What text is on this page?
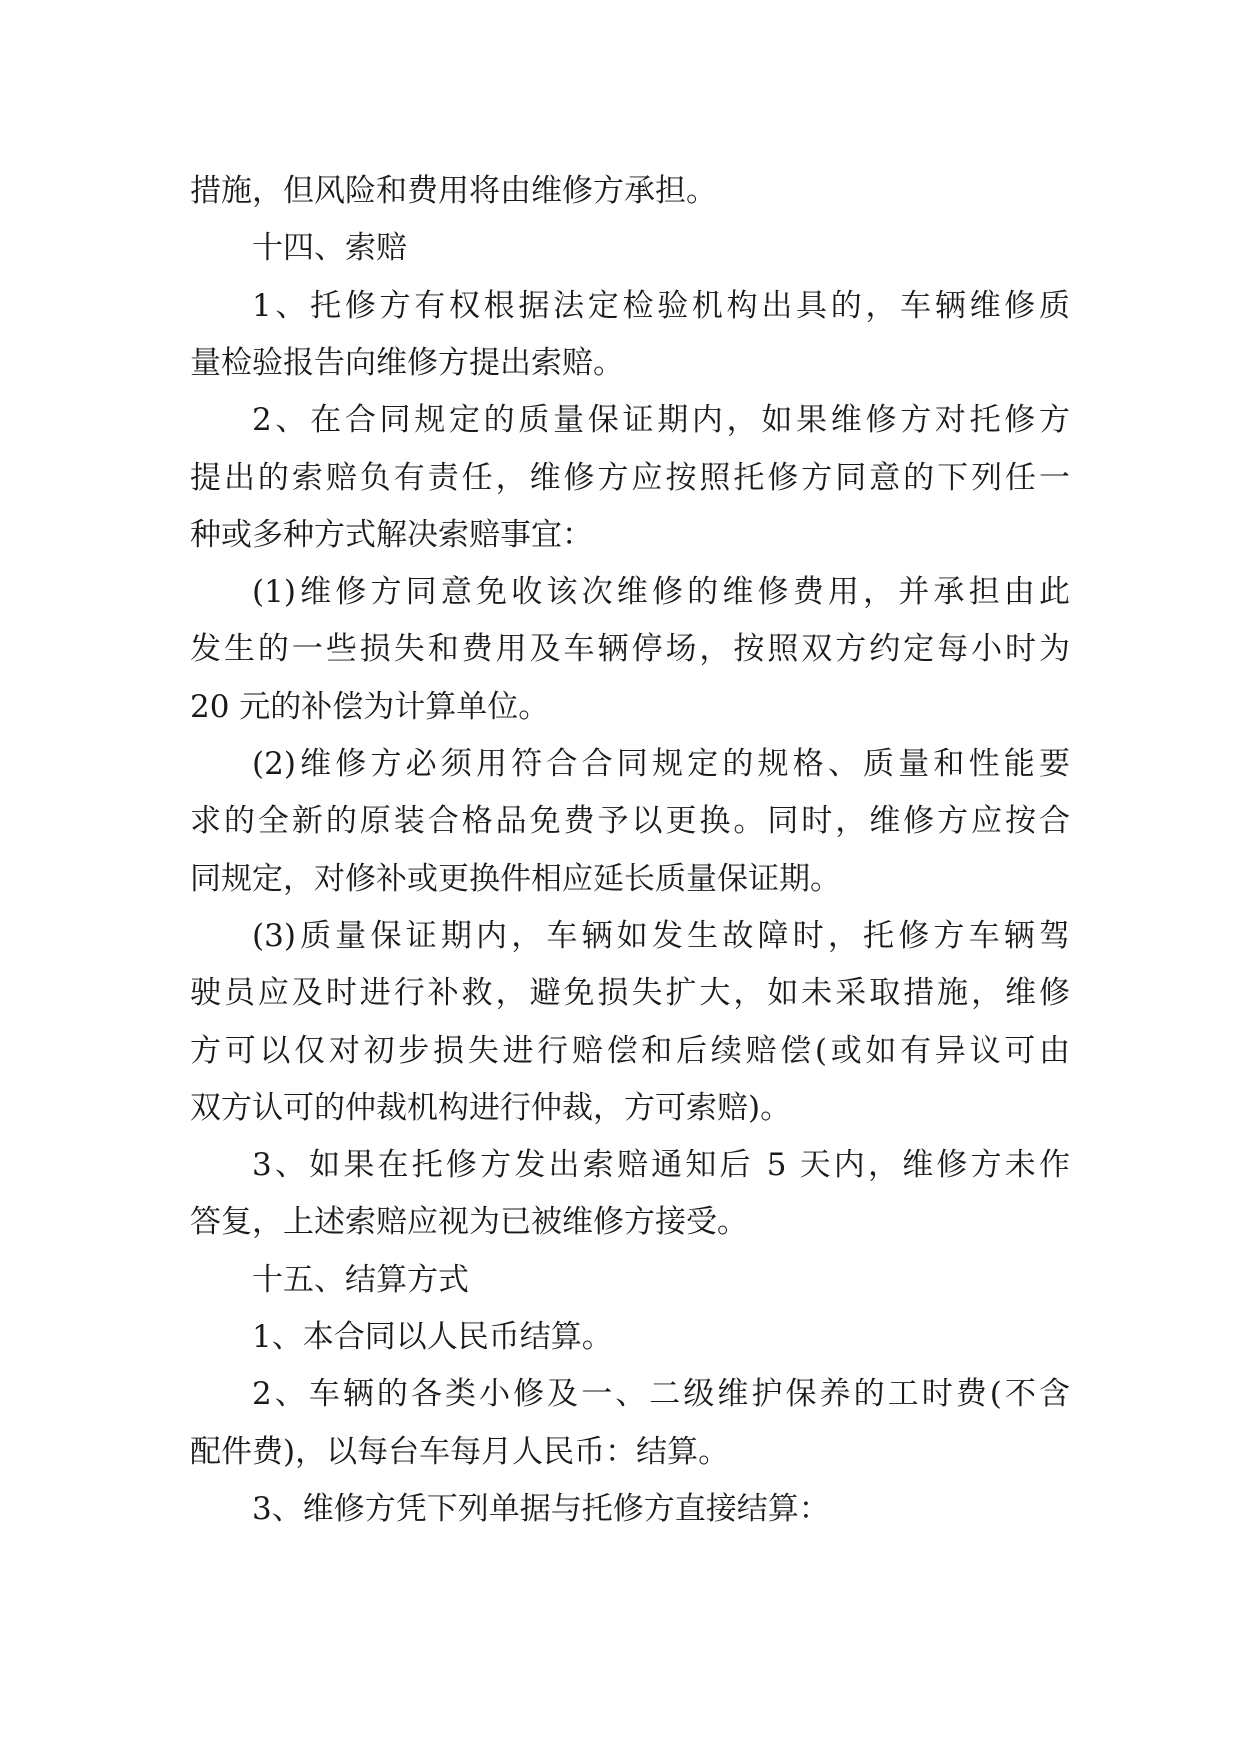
措施，但风险和费用将由维修方承担。
十四、索赔
1、托修方有权根据法定检验机构出具的，车辆维修质
量检验报告向维修方提出索赔。
2、在合同规定的质量保证期内，如果维修方对托修方
提出的索赔负有责任，维修方应按照托修方同意的下列任一
种或多种方式解决索赔事宜：
(1)维修方同意免收该次维修的维修费用，并承担由此
发生的一些损失和费用及车辆停场，按照双方约定每小时为
20 元的补偿为计算单位。
(2)维修方必须用符合合同规定的规格、质量和性能要
求的全新的原装合格品免费予以更换。同时，维修方应按合
同规定，对修补或更换件相应延长质量保证期。
(3)质量保证期内，车辆如发生故障时，托修方车辆驾
驶员应及时进行补救，避免损失扩大，如未采取措施，维修
方可以仅对初步损失进行赔偿和后续赔偿(或如有异议可由
双方认可的仲裁机构进行仲裁，方可索赔)。
3、如果在托修方发出索赔通知后 5 天内，维修方未作
答复，上述索赔应视为已被维修方接受。
十五、结算方式
1、本合同以人民币结算。
2、车辆的各类小修及一、二级维护保养的工时费(不含
配件费)，以每台车每月人民币：结算。
3、维修方凭下列单据与托修方直接结算：
